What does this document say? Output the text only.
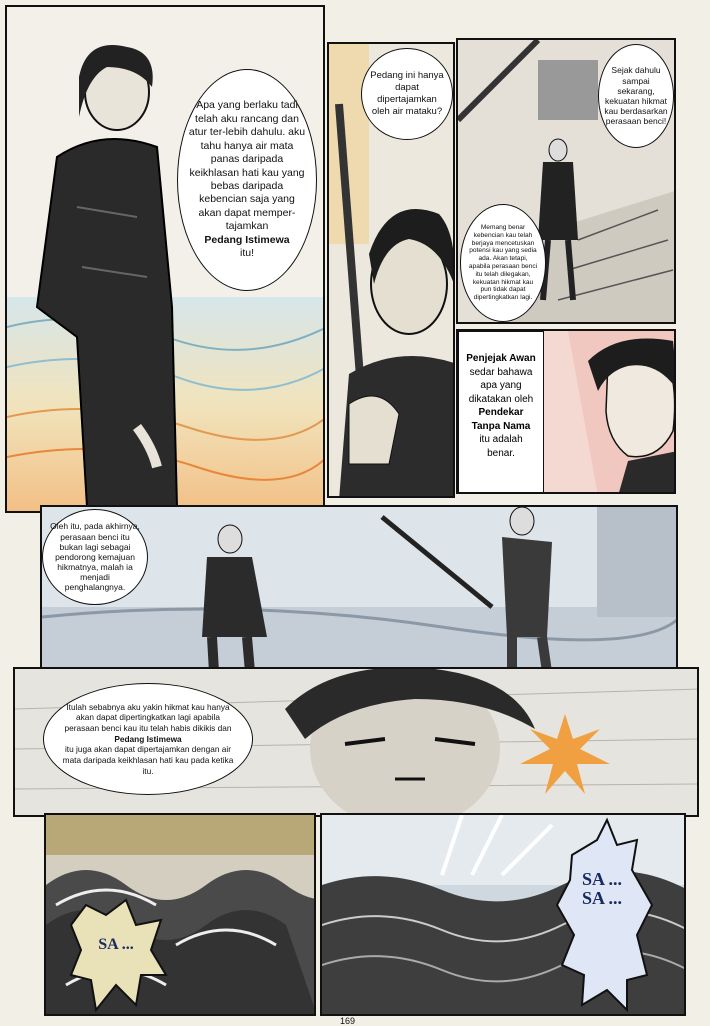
Apa yang berlaku tadi telah aku rancang dan atur ter-lebih dahulu. aku tahu hanya air mata panas daripada keikhlasan hati kau yang bebas daripada kebencian saja yang akan dapat memper-tajamkan
Pedang Istimewa
itu!
Pedang ini hanya dapat dipertajamkan oleh air mataku?
Sejak dahulu sampai sekarang, kekuatan hikmat kau berdasarkan perasaan benci!
Memang benar kebencian kau telah berjaya mencetuskan potensi kau yang sedia ada. Akan tetapi, apabila perasaan benci itu telah dilegakan, kekuatan hikmat kau pun tidak dapat dipertingkatkan lagi.
Penjejak Awan sedar bahawa apa yang dikatakan oleh Pendekar Tanpa Nama itu adalah benar.
Oleh itu, pada akhirnya, perasaan benci itu bukan lagi sebagai pendorong kemajuan hikmatnya, malah ia menjadi penghalangnya.
Itulah sebabnya aku yakin hikmat kau hanya akan dapat dipertingkatkan lagi apabila perasaan benci kau itu telah habis dikikis dan
Pedang Istimewa
itu juga akan dapat dipertajamkan dengan air mata daripada keikhlasan hati kau pada ketika itu.
SA ...
SA ... SA ...
169
